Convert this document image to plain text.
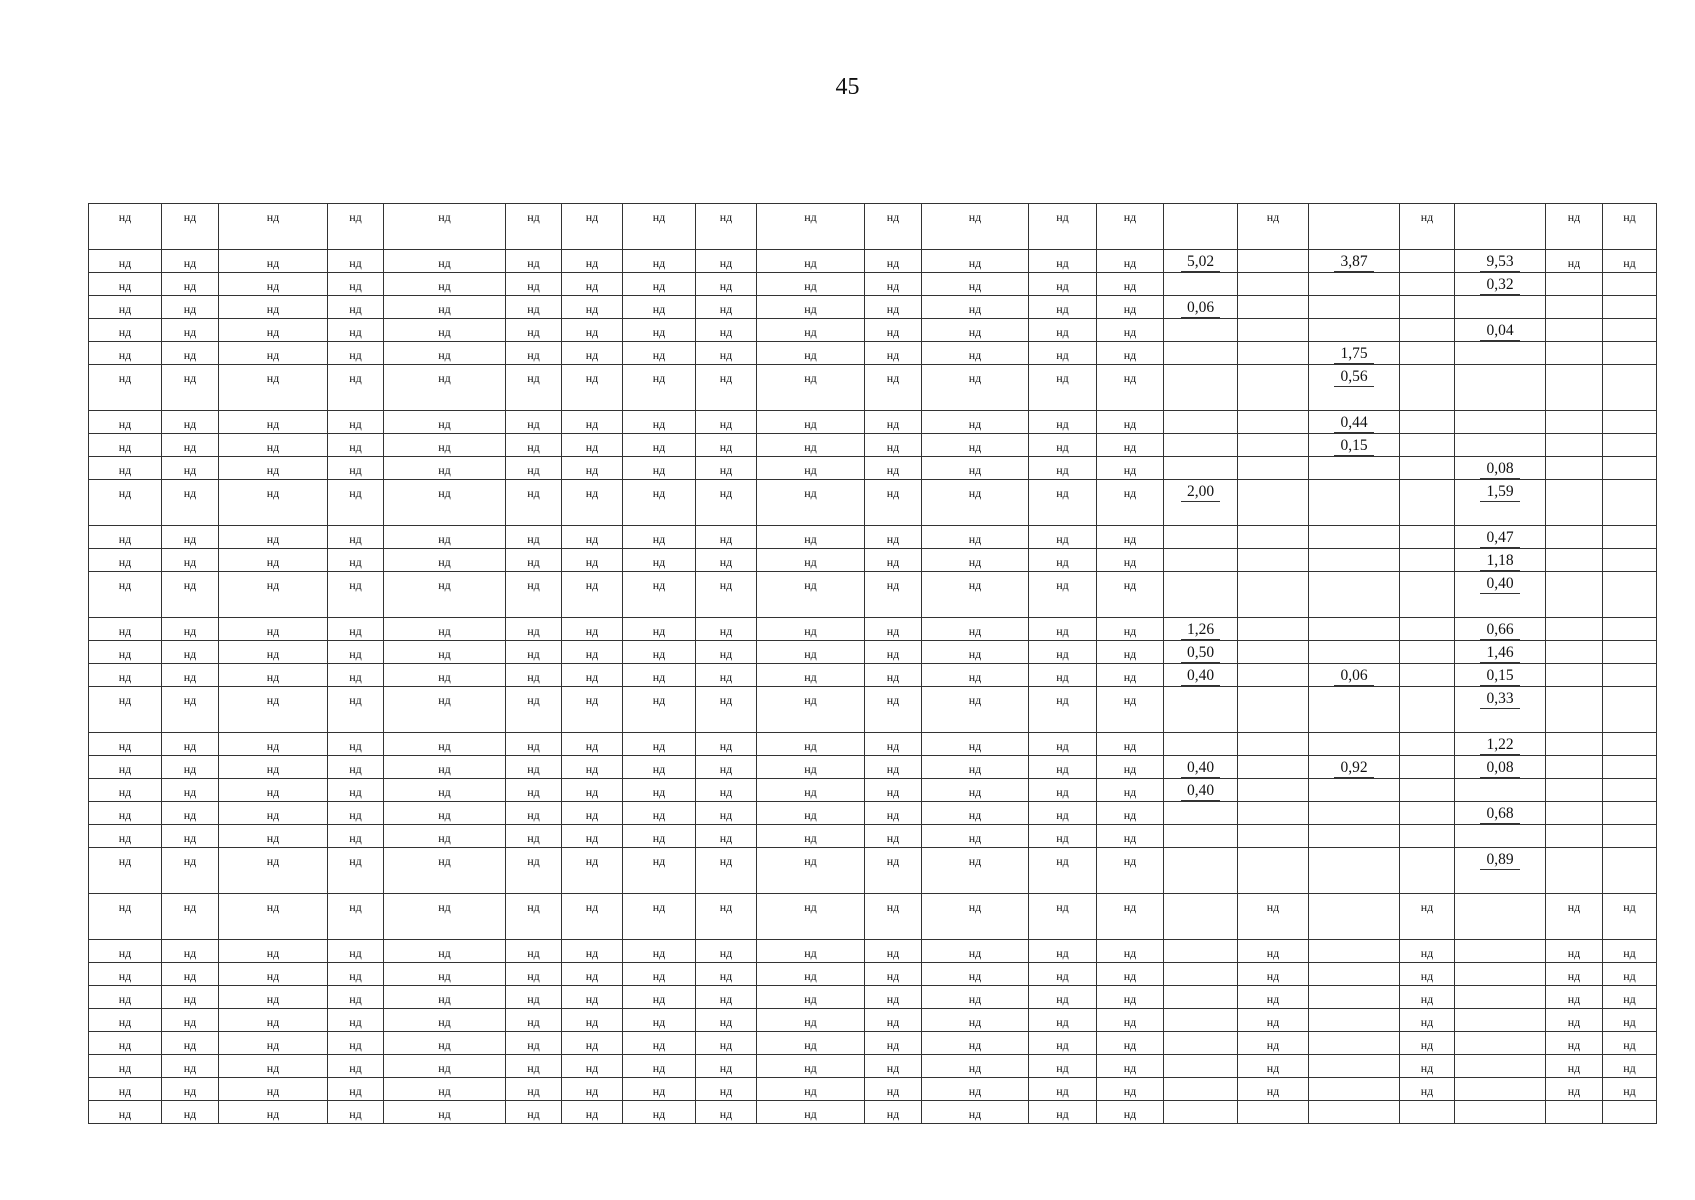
45
нд	нд	нд	нд	нд	нд	нд	нд	нд	нд	нд	нд	нд	нд		нд		нд		нд	нд
нд	нд	нд	нд	нд	нд	нд	нд	нд	нд	нд	нд	нд	нд	5,02		3,87		9,53	нд	нд
нд	нд	нд	нд	нд	нд	нд	нд	нд	нд	нд	нд	нд	нд					0,32		
нд	нд	нд	нд	нд	нд	нд	нд	нд	нд	нд	нд	нд	нд	0,06						
нд	нд	нд	нд	нд	нд	нд	нд	нд	нд	нд	нд	нд	нд					0,04		
нд	нд	нд	нд	нд	нд	нд	нд	нд	нд	нд	нд	нд	нд			1,75				
нд	нд	нд	нд	нд	нд	нд	нд	нд	нд	нд	нд	нд	нд			0,56				
нд	нд	нд	нд	нд	нд	нд	нд	нд	нд	нд	нд	нд	нд			0,44				
нд	нд	нд	нд	нд	нд	нд	нд	нд	нд	нд	нд	нд	нд			0,15				
нд	нд	нд	нд	нд	нд	нд	нд	нд	нд	нд	нд	нд	нд					0,08		
нд	нд	нд	нд	нд	нд	нд	нд	нд	нд	нд	нд	нд	нд	2,00				1,59		
нд	нд	нд	нд	нд	нд	нд	нд	нд	нд	нд	нд	нд	нд					0,47		
нд	нд	нд	нд	нд	нд	нд	нд	нд	нд	нд	нд	нд	нд					1,18		
нд	нд	нд	нд	нд	нд	нд	нд	нд	нд	нд	нд	нд	нд					0,40		
нд	нд	нд	нд	нд	нд	нд	нд	нд	нд	нд	нд	нд	нд	1,26				0,66		
нд	нд	нд	нд	нд	нд	нд	нд	нд	нд	нд	нд	нд	нд	0,50				1,46		
нд	нд	нд	нд	нд	нд	нд	нд	нд	нд	нд	нд	нд	нд	0,40		0,06		0,15		
нд	нд	нд	нд	нд	нд	нд	нд	нд	нд	нд	нд	нд	нд					0,33		
нд	нд	нд	нд	нд	нд	нд	нд	нд	нд	нд	нд	нд	нд					1,22		
нд	нд	нд	нд	нд	нд	нд	нд	нд	нд	нд	нд	нд	нд	0,40		0,92		0,08		
нд	нд	нд	нд	нд	нд	нд	нд	нд	нд	нд	нд	нд	нд	0,40						
нд	нд	нд	нд	нд	нд	нд	нд	нд	нд	нд	нд	нд	нд					0,68		
нд	нд	нд	нд	нд	нд	нд	нд	нд	нд	нд	нд	нд	нд							
нд	нд	нд	нд	нд	нд	нд	нд	нд	нд	нд	нд	нд	нд					0,89		
нд	нд	нд	нд	нд	нд	нд	нд	нд	нд	нд	нд	нд	нд		нд		нд		нд	нд
нд	нд	нд	нд	нд	нд	нд	нд	нд	нд	нд	нд	нд	нд		нд		нд		нд	нд
нд	нд	нд	нд	нд	нд	нд	нд	нд	нд	нд	нд	нд	нд		нд		нд		нд	нд
нд	нд	нд	нд	нд	нд	нд	нд	нд	нд	нд	нд	нд	нд		нд		нд		нд	нд
нд	нд	нд	нд	нд	нд	нд	нд	нд	нд	нд	нд	нд	нд		нд		нд		нд	нд
нд	нд	нд	нд	нд	нд	нд	нд	нд	нд	нд	нд	нд	нд		нд		нд		нд	нд
нд	нд	нд	нд	нд	нд	нд	нд	нд	нд	нд	нд	нд	нд		нд		нд		нд	нд
нд	нд	нд	нд	нд	нд	нд	нд	нд	нд	нд	нд	нд	нд		нд		нд		нд	нд
нд	нд	нд	нд	нд	нд	нд	нд	нд	нд	нд	нд	нд	нд							
